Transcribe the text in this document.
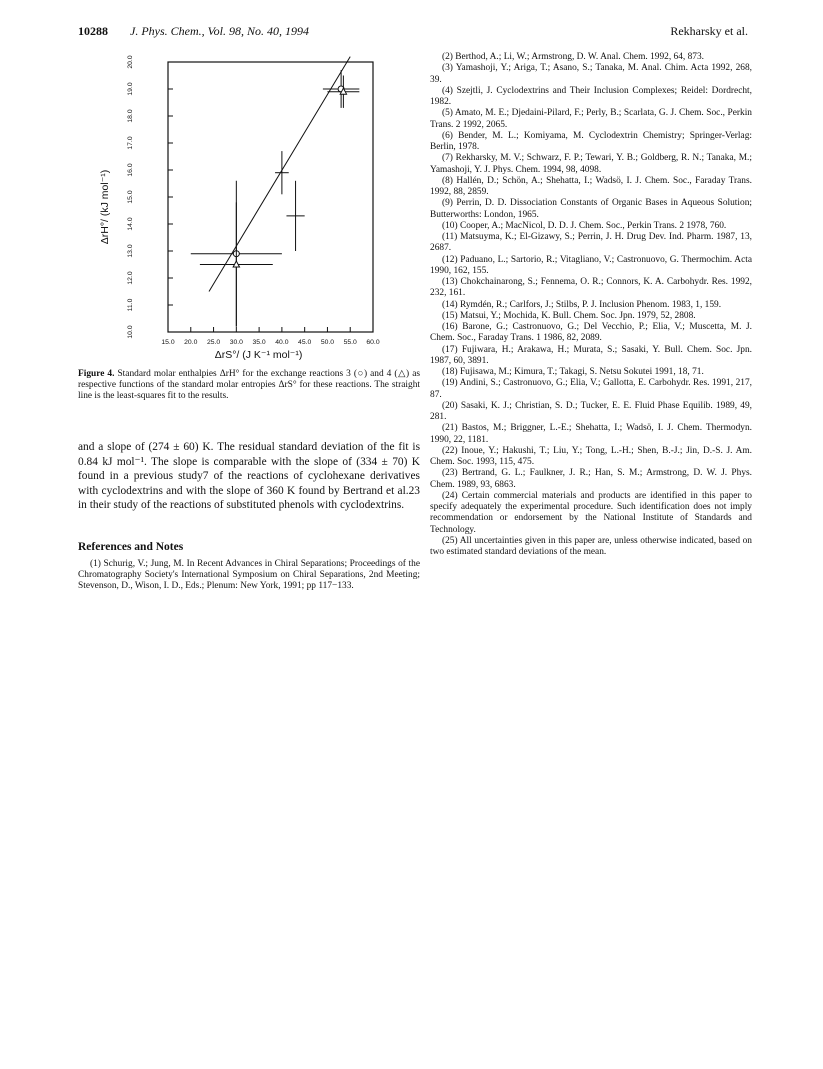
10288 J. Phys. Chem., Vol. 98, No. 40, 1994	Rekharsky et al.
15.0 20.0 25.0 30.0 35.0 40.0 45.0 50.0 55.0 60.0
10.0
11.0
12.0
13.0
14.0
15.0
16.0
17.0
18.0
19.0
20.0
ΔrS°/ (J K⁻¹ mol⁻¹)
ΔrH°/ (kJ mol⁻¹)
Figure 4. Standard molar enthalpies ΔrH° for the exchange reactions 3 (○) and 4 (△) as respective functions of the standard molar entropies ΔrS° for these reactions. The straight line is the least-squares fit to the results.

and a slope of (274 ± 60) K. The residual standard deviation of the fit is 0.84 kJ mol⁻¹. The slope is comparable with the slope of (334 ± 70) K found in a previous study7 of the reactions of cyclohexane derivatives with cyclodextrins and with the slope of 360 K found by Bertrand et al.23 in their study of the reactions of substituted phenols with cyclodextrins.

References and Notes
(1) Schurig, V.; Jung, M. In Recent Advances in Chiral Separations; Proceedings of the Chromatography Society's International Symposium on Chiral Separations, 2nd Meeting; Stevenson, D., Wison, I. D., Eds.; Plenum: New York, 1991; pp 117−133.
(2) Berthod, A.; Li, W.; Armstrong, D. W. Anal. Chem. 1992, 64, 873.
(3) Yamashoji, Y.; Ariga, T.; Asano, S.; Tanaka, M. Anal. Chim. Acta 1992, 268, 39.
(4) Szejtli, J. Cyclodextrins and Their Inclusion Complexes; Reidel: Dordrecht, 1982.
(5) Amato, M. E.; Djedaini-Pilard, F.; Perly, B.; Scarlata, G. J. Chem. Soc., Perkin Trans. 2 1992, 2065.
(6) Bender, M. L.; Komiyama, M. Cyclodextrin Chemistry; Springer-Verlag: Berlin, 1978.
(7) Rekharsky, M. V.; Schwarz, F. P.; Tewari, Y. B.; Goldberg, R. N.; Tanaka, M.; Yamashoji, Y. J. Phys. Chem. 1994, 98, 4098.
(8) Hallén, D.; Schön, A.; Shehatta, I.; Wadsö, I. J. Chem. Soc., Faraday Trans. 1992, 88, 2859.
(9) Perrin, D. D. Dissociation Constants of Organic Bases in Aqueous Solution; Butterworths: London, 1965.
(10) Cooper, A.; MacNicol, D. D. J. Chem. Soc., Perkin Trans. 2 1978, 760.
(11) Matsuyma, K.; El-Gizawy, S.; Perrin, J. H. Drug Dev. Ind. Pharm. 1987, 13, 2687.
(12) Paduano, L.; Sartorio, R.; Vitagliano, V.; Castronuovo, G. Thermochim. Acta 1990, 162, 155.
(13) Chokchainarong, S.; Fennema, O. R.; Connors, K. A. Carbohydr. Res. 1992, 232, 161.
(14) Rymdén, R.; Carlfors, J.; Stilbs, P. J. Inclusion Phenom. 1983, 1, 159.
(15) Matsui, Y.; Mochida, K. Bull. Chem. Soc. Jpn. 1979, 52, 2808.
(16) Barone, G.; Castronuovo, G.; Del Vecchio, P.; Elia, V.; Muscetta, M. J. Chem. Soc., Faraday Trans. 1 1986, 82, 2089.
(17) Fujiwara, H.; Arakawa, H.; Murata, S.; Sasaki, Y. Bull. Chem. Soc. Jpn. 1987, 60, 3891.
(18) Fujisawa, M.; Kimura, T.; Takagi, S. Netsu Sokutei 1991, 18, 71.
(19) Andini, S.; Castronuovo, G.; Elia, V.; Gallotta, E. Carbohydr. Res. 1991, 217, 87.
(20) Sasaki, K. J.; Christian, S. D.; Tucker, E. E. Fluid Phase Equilib. 1989, 49, 281.
(21) Bastos, M.; Briggner, L.-E.; Shehatta, I.; Wadsö, I. J. Chem. Thermodyn. 1990, 22, 1181.
(22) Inoue, Y.; Hakushi, T.; Liu, Y.; Tong, L.-H.; Shen, B.-J.; Jin, D.-S. J. Am. Chem. Soc. 1993, 115, 475.
(23) Bertrand, G. L.; Faulkner, J. R.; Han, S. M.; Armstrong, D. W. J. Phys. Chem. 1989, 93, 6863.
(24) Certain commercial materials and products are identified in this paper to specify adequately the experimental procedure. Such identification does not imply recommendation or endorsement by the National Institute of Standards and Technology.
(25) All uncertainties given in this paper are, unless otherwise indicated, based on two estimated standard deviations of the mean.
